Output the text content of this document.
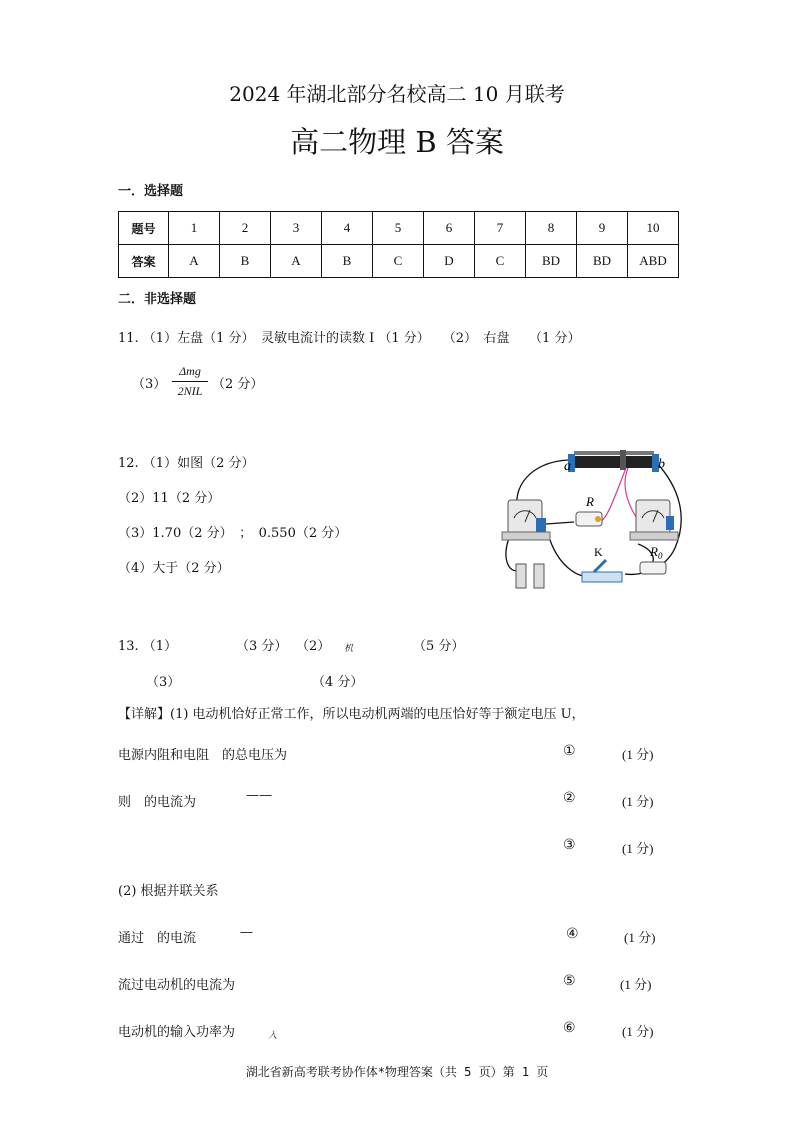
2024 年湖北部分名校高二 10 月联考
高二物理 B 答案
一．选择题
题号	1	2	3	4	5	6	7	8	9	10
答案	A	B	A	B	C	D	C	BD	BD	ABD
二．非选择题
11. （1）左盘（1 分）　灵敏电流计的读数 I （1 分）　　（2）　右盘　　（1 分）
（3）
Δmg
2NIL （2 分）
12. （1）如图（2 分）
（2）11（2 分）
（3）1.70（2 分）　；　0.550（2 分）
（4）大于（2 分）
a	b
R
$R_0$
K
13. （1）	（3 分） （2） 机	（5 分）
（3）	（4 分）
【详解】(1) 电动机恰好正常工作，所以电动机两端的电压恰好等于额定电压 U，
电源内阻和电阻　的总电压为	①	(1 分)
则　的电流为	——	②	(1 分)
③	(1 分)
(2) 根据并联关系
通过　的电流	—	④	(1 分)
流过电动机的电流为	⑤	(1 分)
电动机的输入功率为	入	⑥	(1 分)
湖北省新高考联考协作体*物理答案（共 5 页）第 1 页
